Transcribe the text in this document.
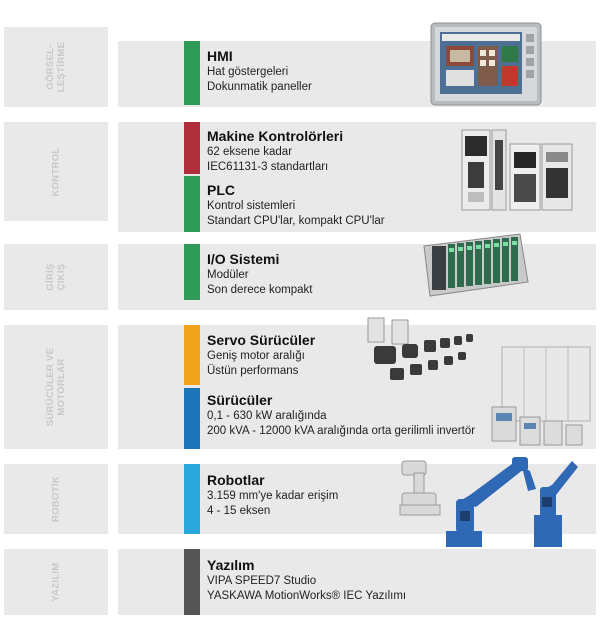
GÖRSEL-
LEŞTİRME
KONTROL
GİRİŞ
ÇIKIŞ
SÜRÜCÜLER VE
MOTORLAR
ROBOTİK
YAZILIM
HMI

Hat göstergeleri

Dokunmatik paneller

Makine Kontrolörleri

62 eksene kadar

IEC61131-3 standartları

PLC

Kontrol sistemleri

Standart CPU'lar, kompakt CPU'lar

I/O Sistemi

Modüler

Son derece kompakt

Servo Sürücüler

Geniş motor aralığı

Üstün performans

Sürücüler

0,1 - 630 kW aralığında

200 kVA - 12000 kVA aralığında orta gerilimli invertör

Robotlar

3.159 mm'ye kadar erişim

4 - 15 eksen

Yazılım

VIPA SPEED7 Studio

YASKAWA MotionWorks® IEC Yazılımı
